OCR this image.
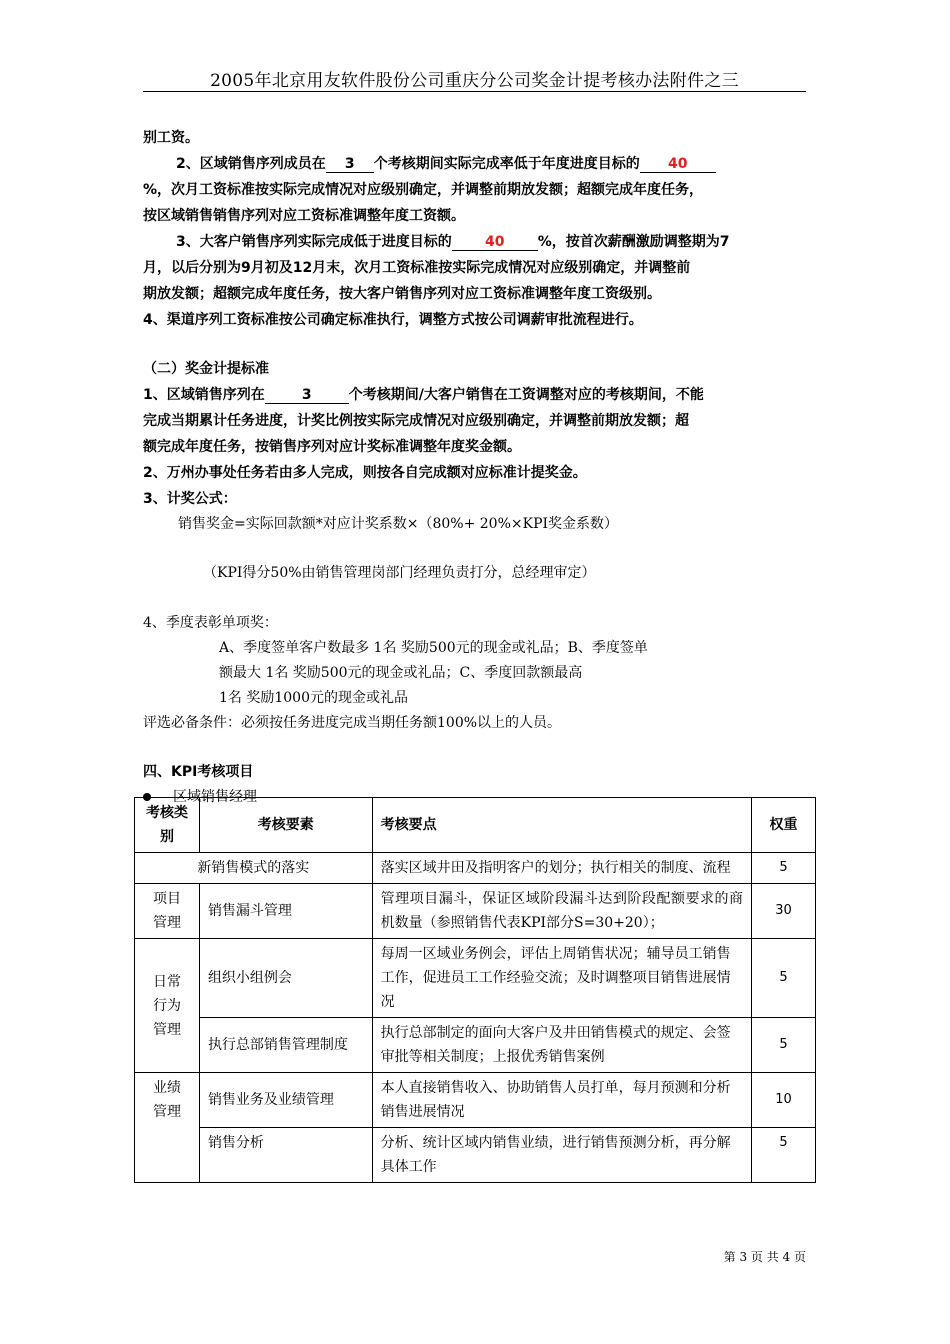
2005年北京用友软件股份公司重庆分公司奖金计提考核办法附件之三
别工资。
2、区域销售序列成员在 3 个考核期间实际完成率低于年度进度目标的 40
%，次月工资标准按实际完成情况对应级别确定，并调整前期放发额；超额完成年度任务，
按区域销售销售序列对应工资标准调整年度工资额。
3、大客户销售序列实际完成低于进度目标的 40 %，按首次薪酬激励调整期为7
月，以后分别为9月初及12月末，次月工资标准按实际完成情况对应级别确定，并调整前
期放发额；超额完成年度任务，按大客户销售序列对应工资标准调整年度工资级别。
4、渠道序列工资标准按公司确定标准执行，调整方式按公司调薪审批流程进行。
（二）奖金计提标准
1、区域销售序列在	3	个考核期间/大客户销售在工资调整对应的考核期间，不能
完成当期累计任务进度，计奖比例按实际完成情况对应级别确定，并调整前期放发额；超
额完成年度任务，按销售序列对应计奖标准调整年度奖金额。
2、万州办事处任务若由多人完成，则按各自完成额对应标准计提奖金。
3、计奖公式：
销售奖金=实际回款额*对应计奖系数×（80%+ 20%×KPI奖金系数）
（KPI得分50%由销售管理岗部门经理负责打分，总经理审定）
4、季度表彰单项奖：
A、季度签单客户数最多 1名 奖励500元的现金或礼品；B、季度签单
额最大 1名 奖励500元的现金或礼品；C、季度回款额最高
1名 奖励1000元的现金或礼品
评选必备条件：必须按任务进度完成当期任务额100%以上的人员。
四、KPI考核项目
区域销售经理
考核类别	考核要素	考核要点	权重
新销售模式的落实		落实区域井田及指明客户的划分；执行相关的制度、流程	5
项目管理	销售漏斗管理	管理项目漏斗，保证区域阶段漏斗达到阶段配额要求的商机数量（参照销售代表KPI部分S=30+20）；	30
日常行为管理	组织小组例会	每周一区域业务例会，评估上周销售状况；辅导员工销售工作，促进员工工作经验交流；及时调整项目销售进展情况	5
	执行总部销售管理制度	执行总部制定的面向大客户及井田销售模式的规定、会签审批等相关制度；上报优秀销售案例	5
业绩管理	销售业务及业绩管理	本人直接销售收入、协助销售人员打单，每月预测和分析销售进展情况	10
	销售分析	分析、统计区域内销售业绩，进行销售预测分析，再分解具体工作	5
第 3 页 共 4 页
